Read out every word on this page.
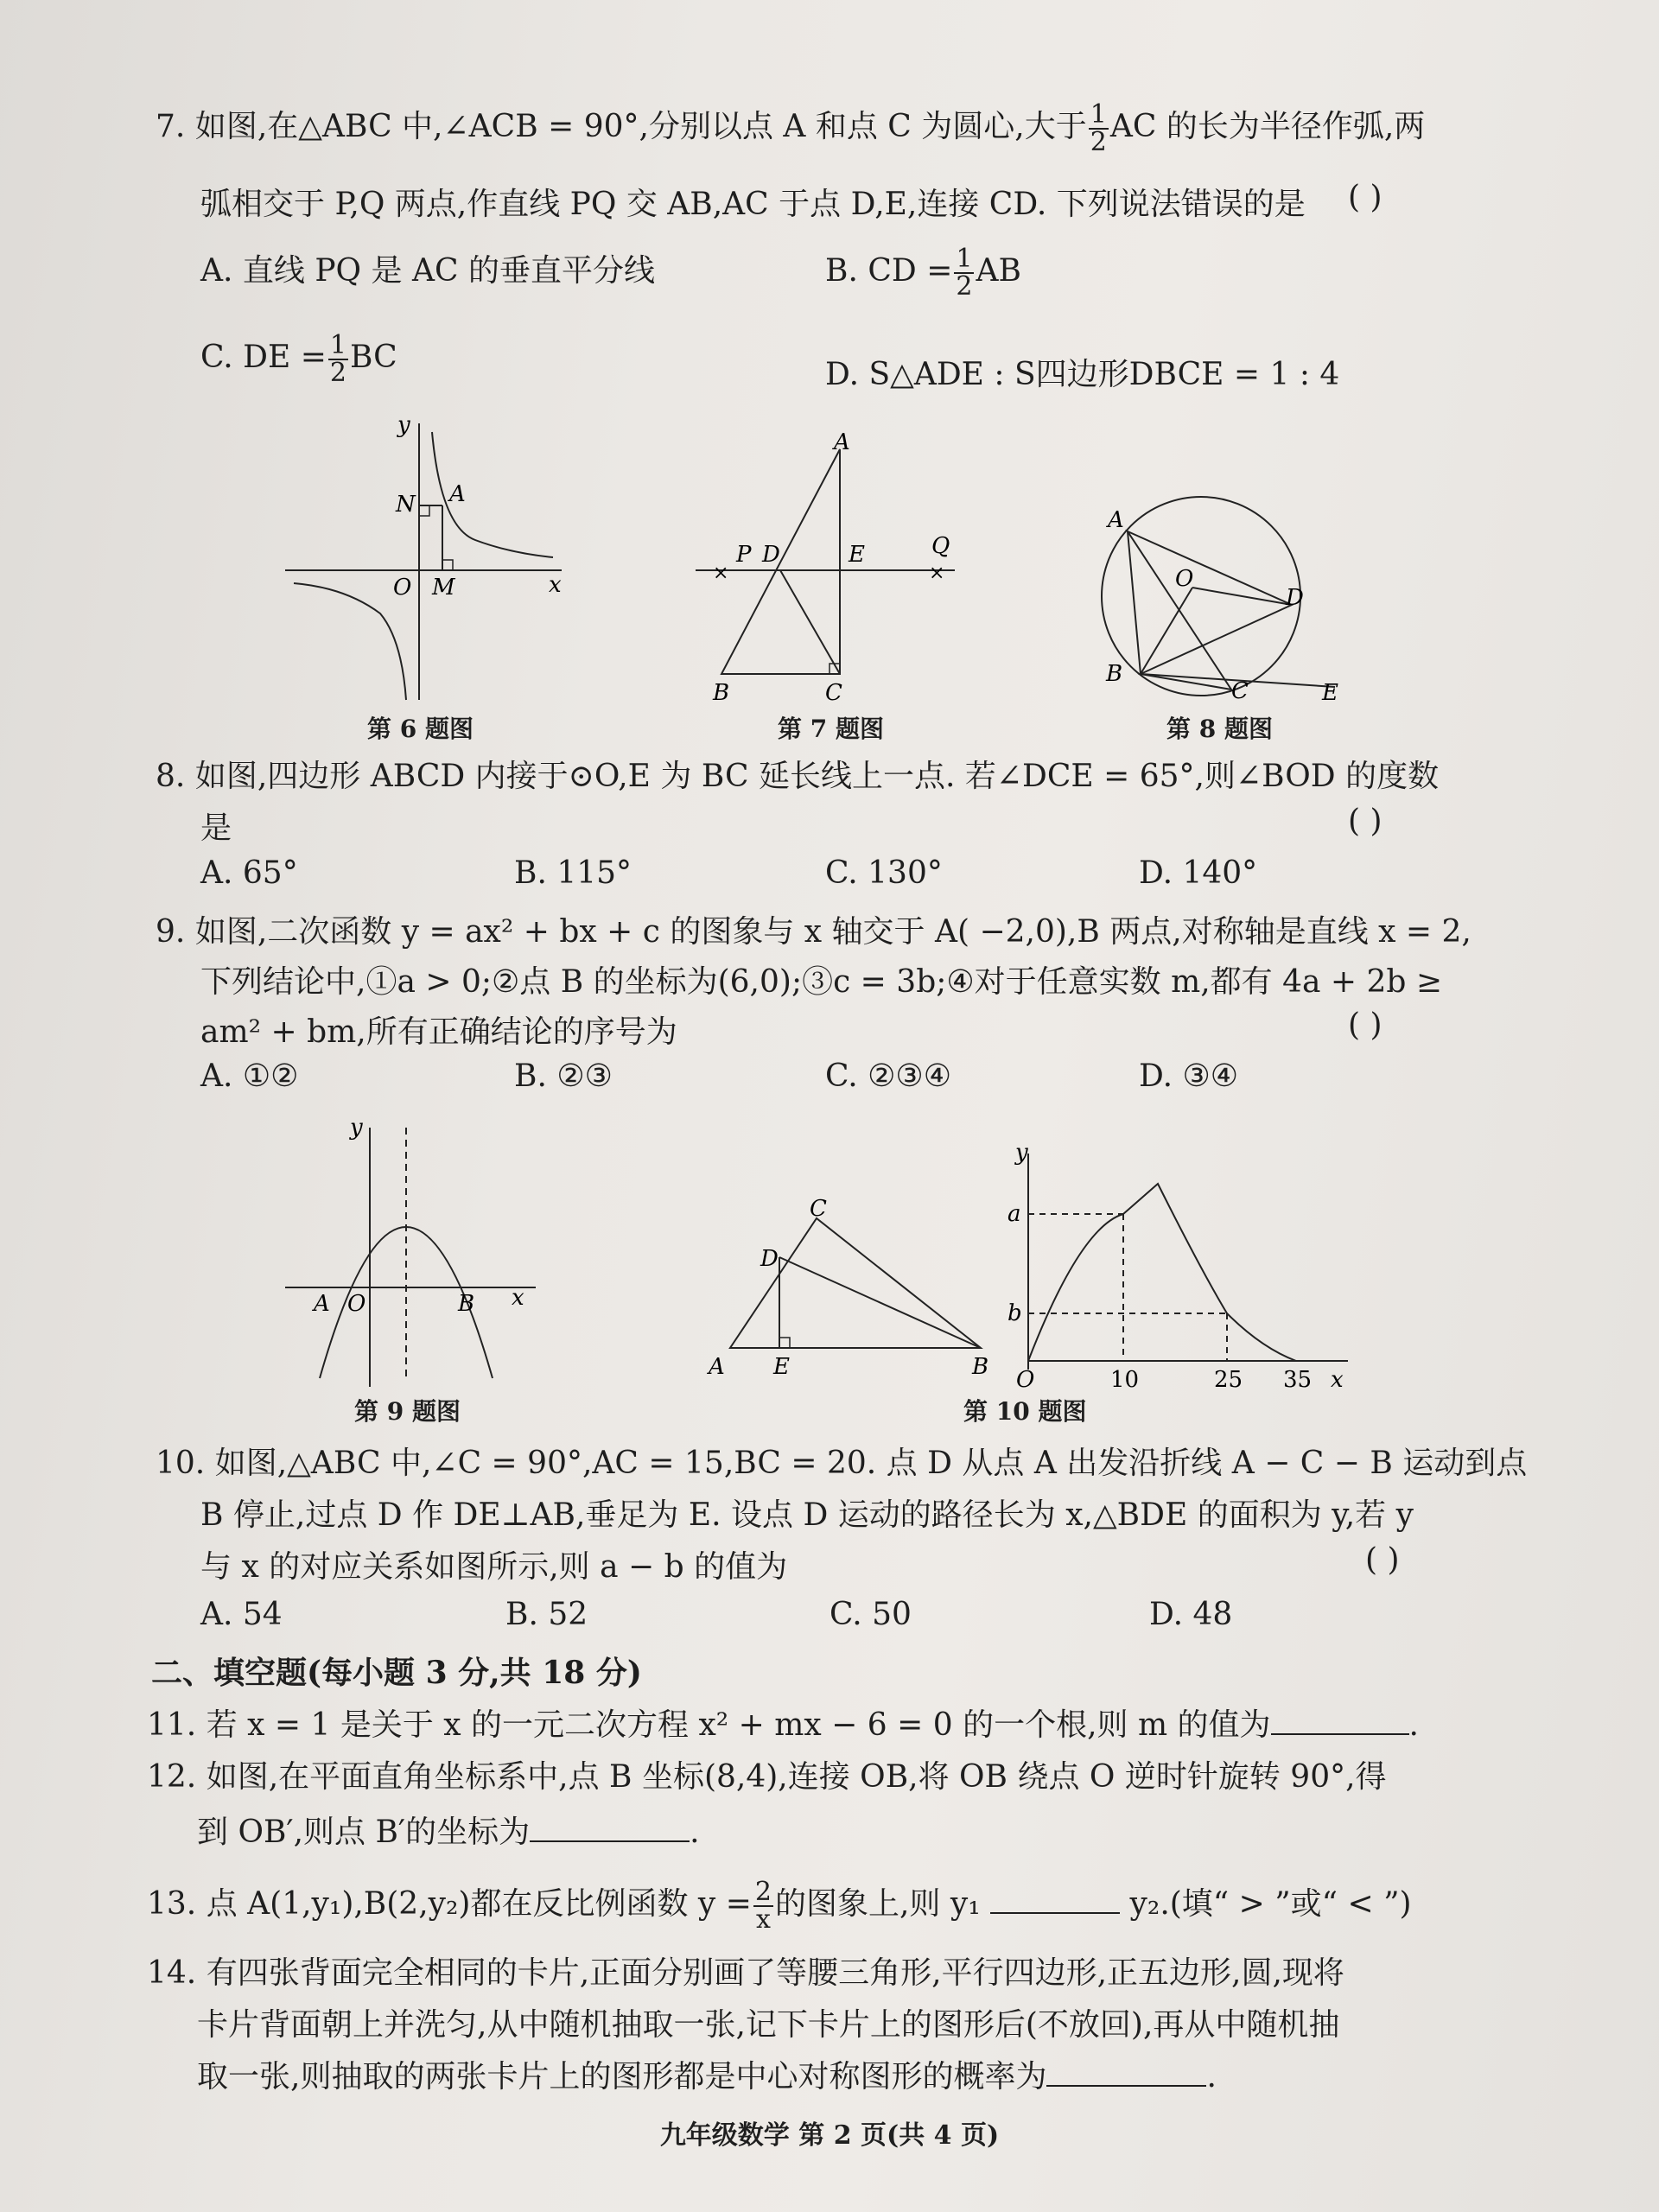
7. 如图,在△ABC 中,∠ACB = 90°,分别以点 A 和点 C 为圆心,大于 $\frac{1}{2}$ AC 的长为半径作弧,两
弧相交于 P,Q 两点,作直线 PQ 交 AB,AC 于点 D,E,连接 CD. 下列说法错误的是 ( )
A. 直线 PQ 是 AC 的垂直平分线	B. CD = $\frac{1}{2}$ AB
C. DE = $\frac{1}{2}$ BC	D. S△ADE : S四边形DBCE = 1 : 4
y
N A
O M	x
第 6 题图
×	×
A
P D	E	Q
B	C
第 7 题图
A
O
D
B
C	E
第 8 题图
8. 如图,四边形 ABCD 内接于⊙O,E 为 BC 延长线上一点. 若∠DCE = 65°,则∠BOD 的度数
是	( )
A. 65°	B. 115°	C. 130°	D. 140°
9. 如图,二次函数 y = ax² + bx + c 的图象与 x 轴交于 A( −2,0),B 两点,对称轴是直线 x = 2,
下列结论中,①a > 0;②点 B 的坐标为(6,0);③c = 3b;④对于任意实数 m,都有 4a + 2b ≥
am² + bm,所有正确结论的序号为	( )
A. ①②	B. ②③	C. ②③④	D. ③④
y
A O	B x
第 9 题图
C
D
A E	B
y
a
b
O	10	25 35 x
第 10 题图
10. 如图,△ABC 中,∠C = 90°,AC = 15,BC = 20. 点 D 从点 A 出发沿折线 A − C − B 运动到点
B 停止,过点 D 作 DE⊥AB,垂足为 E. 设点 D 运动的路径长为 x,△BDE 的面积为 y,若 y
与 x 的对应关系如图所示,则 a − b 的值为	( )
A. 54	B. 52	C. 50	D. 48
二、填空题(每小题 3 分,共 18 分)
11. 若 x = 1 是关于 x 的一元二次方程 x² + mx − 6 = 0 的一个根,则 m 的值为	.
12. 如图,在平面直角坐标系中,点 B 坐标(8,4),连接 OB,将 OB 绕点 O 逆时针旋转 90°,得
到 OB′,则点 B′的坐标为	.
13. 点 A(1,y₁),B(2,y₂)都在反比例函数 $y = \frac{2}{x}$ 的图象上,则 y₁	y₂.(填“ > ”或“ < ”)
14. 有四张背面完全相同的卡片,正面分别画了等腰三角形,平行四边形,正五边形,圆,现将
卡片背面朝上并洗匀,从中随机抽取一张,记下卡片上的图形后(不放回),再从中随机抽
取一张,则抽取的两张卡片上的图形都是中心对称图形的概率为	.
九年级数学 第 2 页(共 4 页)
